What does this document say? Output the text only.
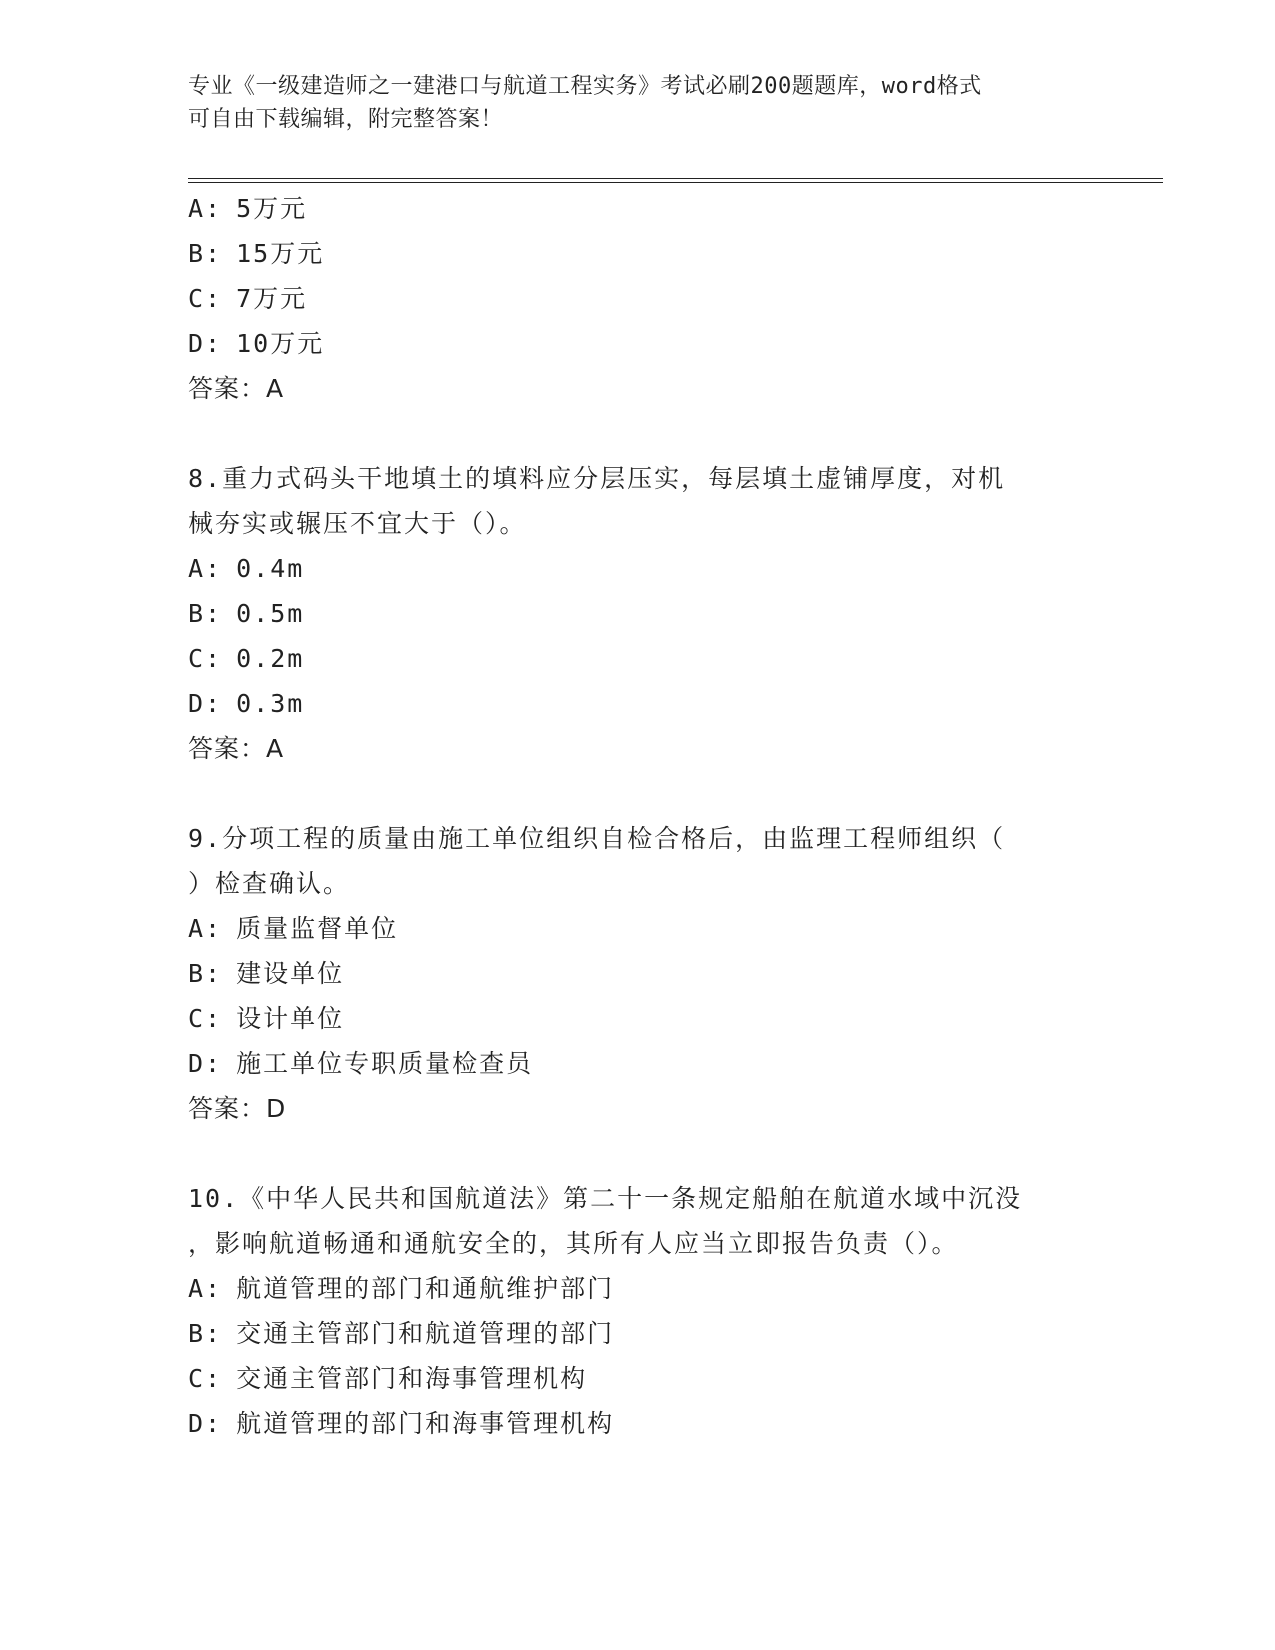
专业《一级建造师之一建港口与航道工程实务》考试必刷200题题库，word格式
可自由下载编辑，附完整答案！
A: 5万元
B: 15万元
C: 7万元
D: 10万元
答案：A
8.重力式码头干地填土的填料应分层压实，每层填土虚铺厚度，对机
械夯实或辗压不宜大于（）。
A: 0.4m
B: 0.5m
C: 0.2m
D: 0.3m
答案：A
9.分项工程的质量由施工单位组织自检合格后，由监理工程师组织（
）检查确认。
A: 质量监督单位
B: 建设单位
C: 设计单位
D: 施工单位专职质量检查员
答案：D
10.《中华人民共和国航道法》第二十一条规定船舶在航道水域中沉没
，影响航道畅通和通航安全的，其所有人应当立即报告负责（）。
A: 航道管理的部门和通航维护部门
B: 交通主管部门和航道管理的部门
C: 交通主管部门和海事管理机构
D: 航道管理的部门和海事管理机构
